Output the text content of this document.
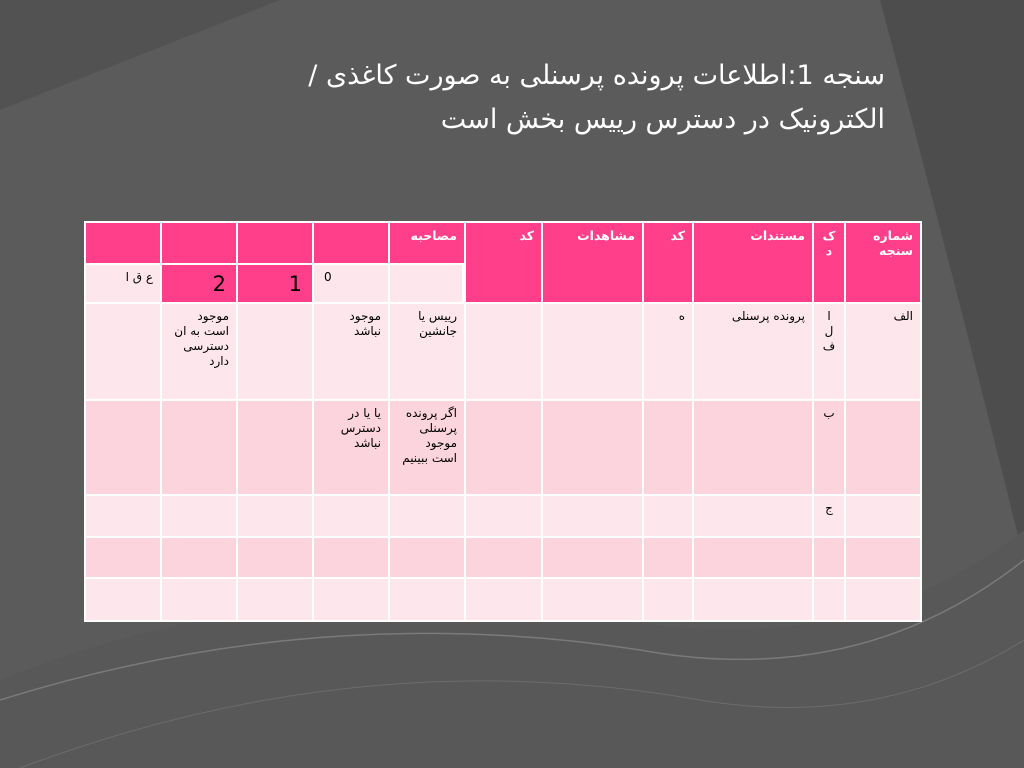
سنجه 1:اطلاعات پرونده پرسنلی به صورت کاغذی /
الکترونیک در دسترس رییس بخش است
شماره سنجه
ک د
مستندات
کد
مشاهدات
کد
مصاحبه
0
1
2
ع ق ا
الف
ا ل ف
پرونده پرسنلی
ه
رییس یا جانشین
موجود نباشد
موجود است به ان دسترسی دارد
ب
اگر پرونده پرسنلی موجود است ببینیم
یا یا در دسترس نباشد
ج
